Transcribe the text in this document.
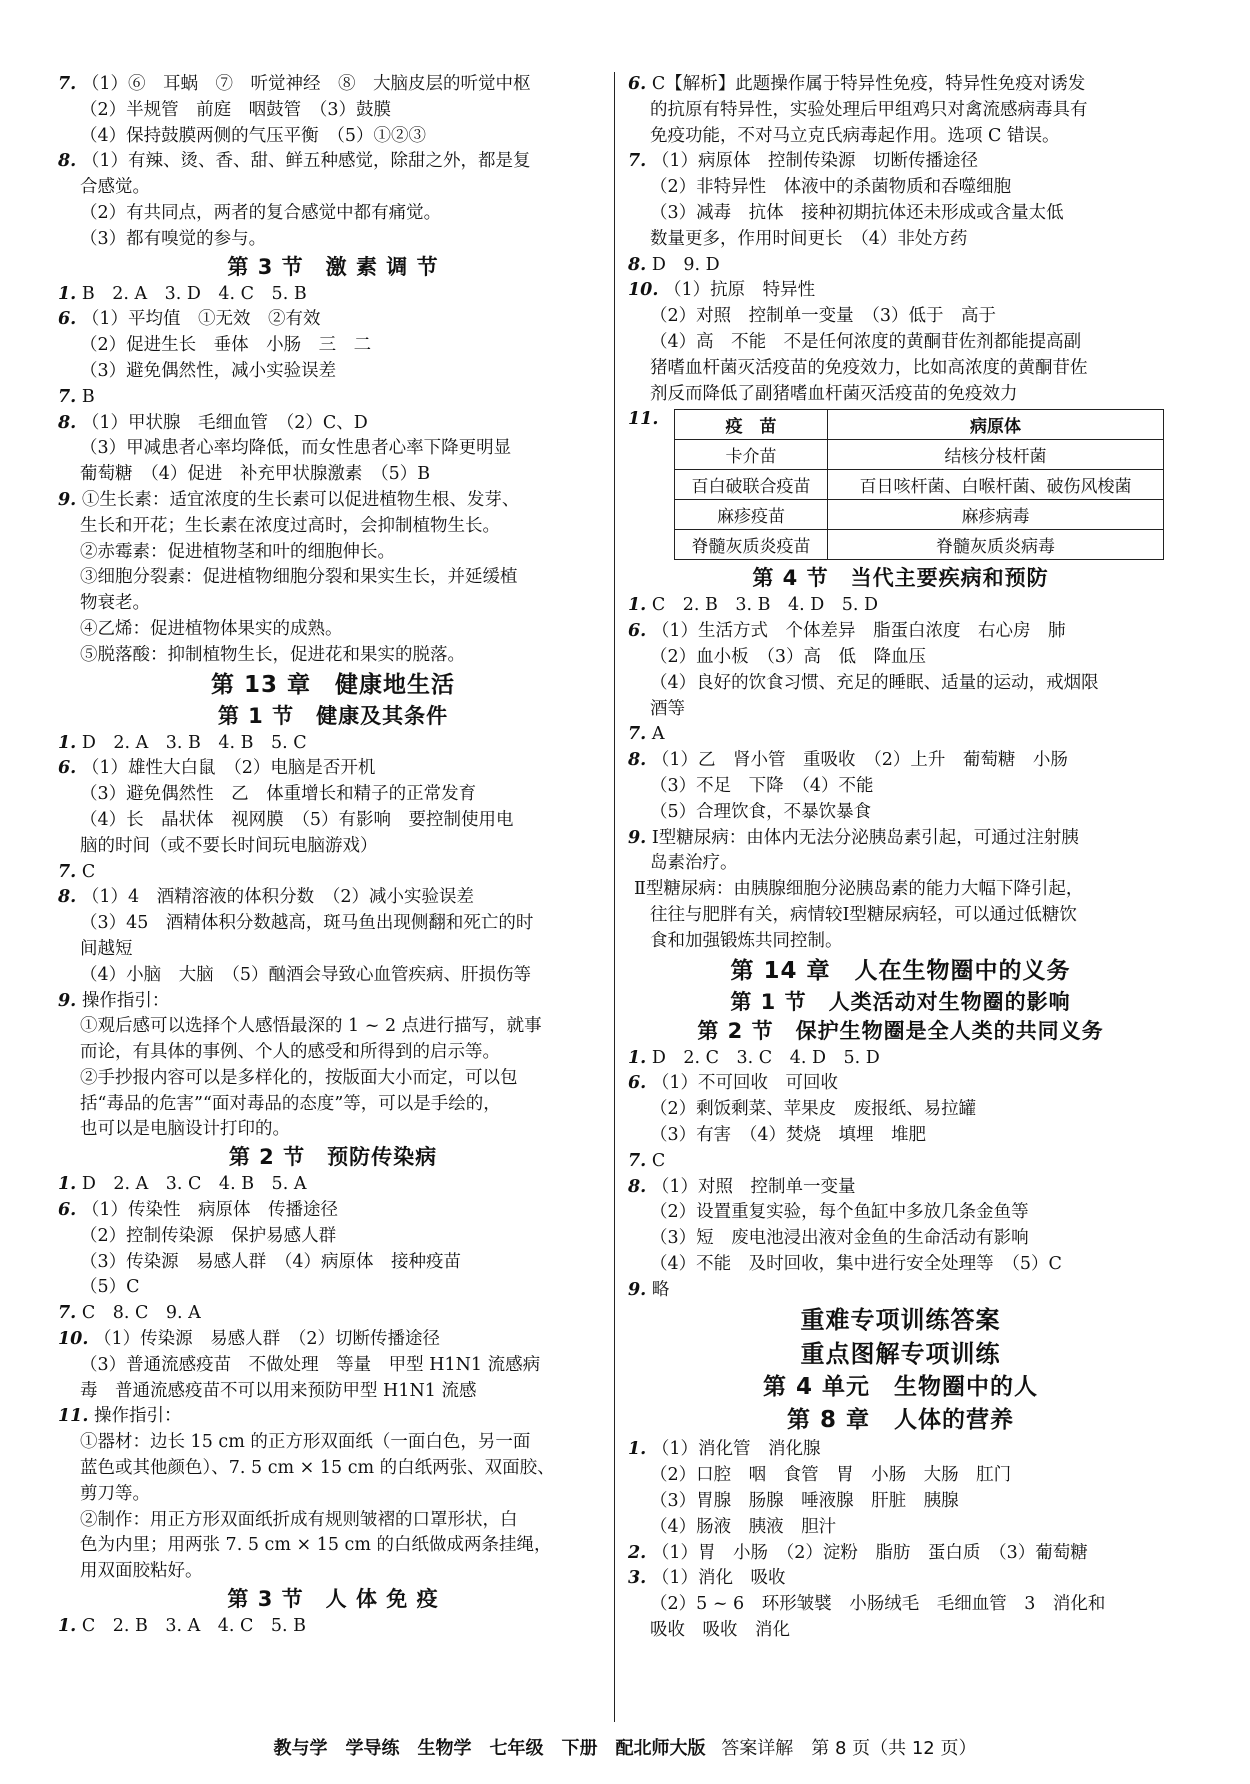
7. （1）⑥　耳蜗　⑦　听觉神经　⑧　大脑皮层的听觉中枢
（2）半规管　前庭　咽鼓管　（3）鼓膜
（4）保持鼓膜两侧的气压平衡　（5）①②③
8. （1）有辣、烫、香、甜、鲜五种感觉，除甜之外，都是复
合感觉。
（2）有共同点，两者的复合感觉中都有痛觉。
（3）都有嗅觉的参与。
第 3 节　激 素 调 节
1. B　2. A　3. D　4. C　5. B
6. （1）平均值　①无效　②有效
（2）促进生长　垂体　小肠　三　二
（3）避免偶然性，减小实验误差
7. B
8. （1）甲状腺　毛细血管　（2）C、D
（3）甲减患者心率均降低，而女性患者心率下降更明显
葡萄糖　（4）促进　补充甲状腺激素　（5）B
9. ①生长素：适宜浓度的生长素可以促进植物生根、发芽、
生长和开花；生长素在浓度过高时，会抑制植物生长。
②赤霉素：促进植物茎和叶的细胞伸长。
③细胞分裂素：促进植物细胞分裂和果实生长，并延缓植
物衰老。
④乙烯：促进植物体果实的成熟。
⑤脱落酸：抑制植物生长，促进花和果实的脱落。
第 13 章　健康地生活
第 1 节　健康及其条件
1. D　2. A　3. B　4. B　5. C
6. （1）雄性大白鼠　（2）电脑是否开机
（3）避免偶然性　乙　体重增长和精子的正常发育
（4）长　晶状体　视网膜　（5）有影响　要控制使用电
脑的时间（或不要长时间玩电脑游戏）
7. C
8. （1）4　酒精溶液的体积分数　（2）减小实验误差
（3）45　酒精体积分数越高，斑马鱼出现侧翻和死亡的时
间越短
（4）小脑　大脑　（5）酗酒会导致心血管疾病、肝损伤等
9. 操作指引：
①观后感可以选择个人感悟最深的 1 ~ 2 点进行描写，就事
而论，有具体的事例、个人的感受和所得到的启示等。
②手抄报内容可以是多样化的，按版面大小而定，可以包
括“毒品的危害”“面对毒品的态度”等，可以是手绘的，
也可以是电脑设计打印的。
第 2 节　预防传染病
1. D　2. A　3. C　4. B　5. A
6. （1）传染性　病原体　传播途径
（2）控制传染源　保护易感人群
（3）传染源　易感人群　（4）病原体　接种疫苗
（5）C
7. C　8. C　9. A
10. （1）传染源　易感人群　（2）切断传播途径
（3）普通流感疫苗　不做处理　等量　甲型 H1N1 流感病
毒　普通流感疫苗不可以用来预防甲型 H1N1 流感
11. 操作指引：
①器材：边长 15 cm 的正方形双面纸（一面白色，另一面
蓝色或其他颜色）、7. 5 cm × 15 cm 的白纸两张、双面胶、
剪刀等。
②制作：用正方形双面纸折成有规则皱褶的口罩形状，白
色为内里；用两张 7. 5 cm × 15 cm 的白纸做成两条挂绳，
用双面胶粘好。
第 3 节　人 体 免 疫
1. C　2. B　3. A　4. C　5. B
6. C【解析】此题操作属于特异性免疫，特异性免疫对诱发
的抗原有特异性，实验处理后甲组鸡只对禽流感病毒具有
免疫功能，不对马立克氏病毒起作用。选项 C 错误。
7. （1）病原体　控制传染源　切断传播途径
（2）非特异性　体液中的杀菌物质和吞噬细胞
（3）减毒　抗体　接种初期抗体还未形成或含量太低
数量更多，作用时间更长　（4）非处方药
8. D　9. D
10. （1）抗原　特异性
（2）对照　控制单一变量　（3）低于　高于
（4）高　不能　不是任何浓度的黄酮苷佐剂都能提高副
猪嗜血杆菌灭活疫苗的免疫效力，比如高浓度的黄酮苷佐
剂反而降低了副猪嗜血杆菌灭活疫苗的免疫效力
11.	疫　苗	病原体
卡介苗	结核分枝杆菌
百白破联合疫苗	百日咳杆菌、白喉杆菌、破伤风梭菌
麻疹疫苗	麻疹病毒
脊髓灰质炎疫苗	脊髓灰质炎病毒
第 4 节　当代主要疾病和预防
1. C　2. B　3. B　4. D　5. D
6. （1）生活方式　个体差异　脂蛋白浓度　右心房　肺
（2）血小板　（3）高　低　降血压
（4）良好的饮食习惯、充足的睡眠、适量的运动，戒烟限
酒等
7. A
8. （1）乙　肾小管　重吸收　（2）上升　葡萄糖　小肠
（3）不足　下降　（4）不能
（5）合理饮食，不暴饮暴食
9. Ⅰ型糖尿病：由体内无法分泌胰岛素引起，可通过注射胰
岛素治疗。
Ⅱ型糖尿病：由胰腺细胞分泌胰岛素的能力大幅下降引起，
往往与肥胖有关，病情较Ⅰ型糖尿病轻，可以通过低糖饮
食和加强锻炼共同控制。
第 14 章　人在生物圈中的义务
第 1 节　人类活动对生物圈的影响
第 2 节　保护生物圈是全人类的共同义务
1. D　2. C　3. C　4. D　5. D
6. （1）不可回收　可回收
（2）剩饭剩菜、苹果皮　废报纸、易拉罐
（3）有害　（4）焚烧　填埋　堆肥
7. C
8. （1）对照　控制单一变量
（2）设置重复实验，每个鱼缸中多放几条金鱼等
（3）短　废电池浸出液对金鱼的生命活动有影响
（4）不能　及时回收，集中进行安全处理等　（5）C
9. 略
重难专项训练答案
重点图解专项训练
第 4 单元　生物圈中的人
第 8 章　人体的营养
1. （1）消化管　消化腺
（2）口腔　咽　食管　胃　小肠　大肠　肛门
（3）胃腺　肠腺　唾液腺　肝脏　胰腺
（4）肠液　胰液　胆汁
2. （1）胃　小肠　（2）淀粉　脂肪　蛋白质　（3）葡萄糖
3. （1）消化　吸收
（2）5 ~ 6　环形皱襞　小肠绒毛　毛细血管　3　消化和
吸收　吸收　消化
教与学　学导练　生物学　七年级　下册　配北师大版 答案详解　第 8 页（共 12 页）
